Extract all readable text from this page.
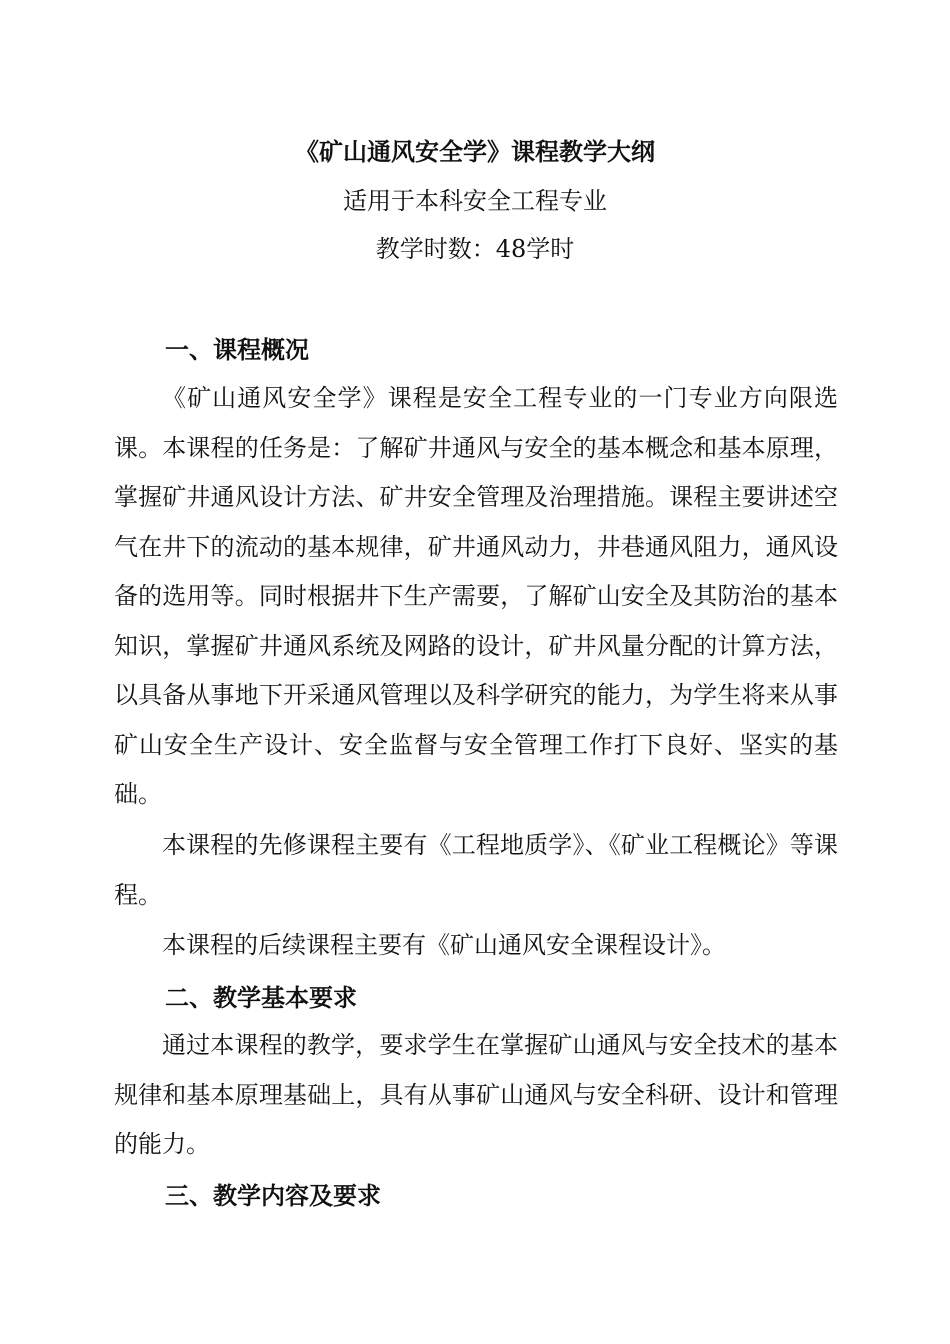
《矿山通风安全学》课程教学大纲
适用于本科安全工程专业
教学时数：48学时
一、课程概况

《矿山通风安全学》课程是安全工程专业的一门专业方向限选课。本课程的任务是：了解矿井通风与安全的基本概念和基本原理，掌握矿井通风设计方法、矿井安全管理及治理措施。课程主要讲述空气在井下的流动的基本规律，矿井通风动力，井巷通风阻力，通风设备的选用等。同时根据井下生产需要，了解矿山安全及其防治的基本知识，掌握矿井通风系统及网路的设计，矿井风量分配的计算方法，以具备从事地下开采通风管理以及科学研究的能力，为学生将来从事矿山安全生产设计、安全监督与安全管理工作打下良好、坚实的基础。

本课程的先修课程主要有《工程地质学》、《矿业工程概论》等课程。

本课程的后续课程主要有《矿山通风安全课程设计》。

二、教学基本要求

通过本课程的教学，要求学生在掌握矿山通风与安全技术的基本规律和基本原理基础上，具有从事矿山通风与安全科研、设计和管理的能力。

三、教学内容及要求
